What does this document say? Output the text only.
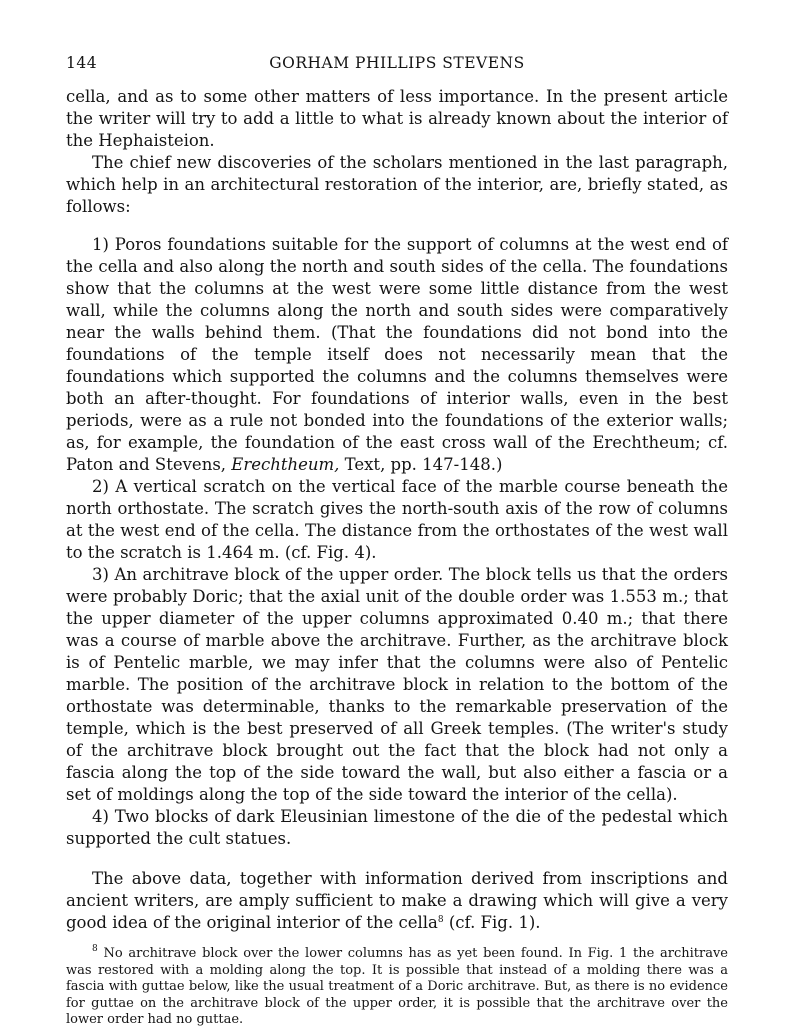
144	GORHAM PHILLIPS STEVENS

cella, and as to some other matters of less importance. In the present article the writer will try to add a little to what is already known about the interior of the Hephaisteion.

The chief new discoveries of the scholars mentioned in the last paragraph, which help in an architectural restoration of the interior, are, briefly stated, as follows:

1) Poros foundations suitable for the support of columns at the west end of the cella and also along the north and south sides of the cella. The foundations show that the columns at the west were some little distance from the west wall, while the columns along the north and south sides were comparatively near the walls behind them. (That the foundations did not bond into the foundations of the temple itself does not necessarily mean that the foundations which supported the columns and the columns themselves were both an after-thought. For foundations of interior walls, even in the best periods, were as a rule not bonded into the foundations of the exterior walls; as, for example, the foundation of the east cross wall of the Erechtheum; cf. Paton and Stevens, Erechtheum, Text, pp. 147-148.)

2) A vertical scratch on the vertical face of the marble course beneath the north orthostate. The scratch gives the north-south axis of the row of columns at the west end of the cella. The distance from the orthostates of the west wall to the scratch is 1.464 m. (cf. Fig. 4).

3) An architrave block of the upper order. The block tells us that the orders were probably Doric; that the axial unit of the double order was 1.553 m.; that the upper diameter of the upper columns approximated 0.40 m.; that there was a course of marble above the architrave. Further, as the architrave block is of Pentelic marble, we may infer that the columns were also of Pentelic marble. The position of the architrave block in relation to the bottom of the orthostate was determinable, thanks to the remarkable preservation of the temple, which is the best preserved of all Greek temples. (The writer's study of the architrave block brought out the fact that the block had not only a fascia along the top of the side toward the wall, but also either a fascia or a set of moldings along the top of the side toward the interior of the cella).

4) Two blocks of dark Eleusinian limestone of the die of the pedestal which supported the cult statues.

The above data, together with information derived from inscriptions and ancient writers, are amply sufficient to make a drawing which will give a very good idea of the original interior of the cella$^8$ (cf. Fig. 1).

$^8$ No architrave block over the lower columns has as yet been found. In Fig. 1 the architrave was restored with a molding along the top. It is possible that instead of a molding there was a fascia with guttae below, like the usual treatment of a Doric architrave. But, as there is no evidence for guttae on the architrave block of the upper order, it is possible that the architrave over the lower order had no guttae.
